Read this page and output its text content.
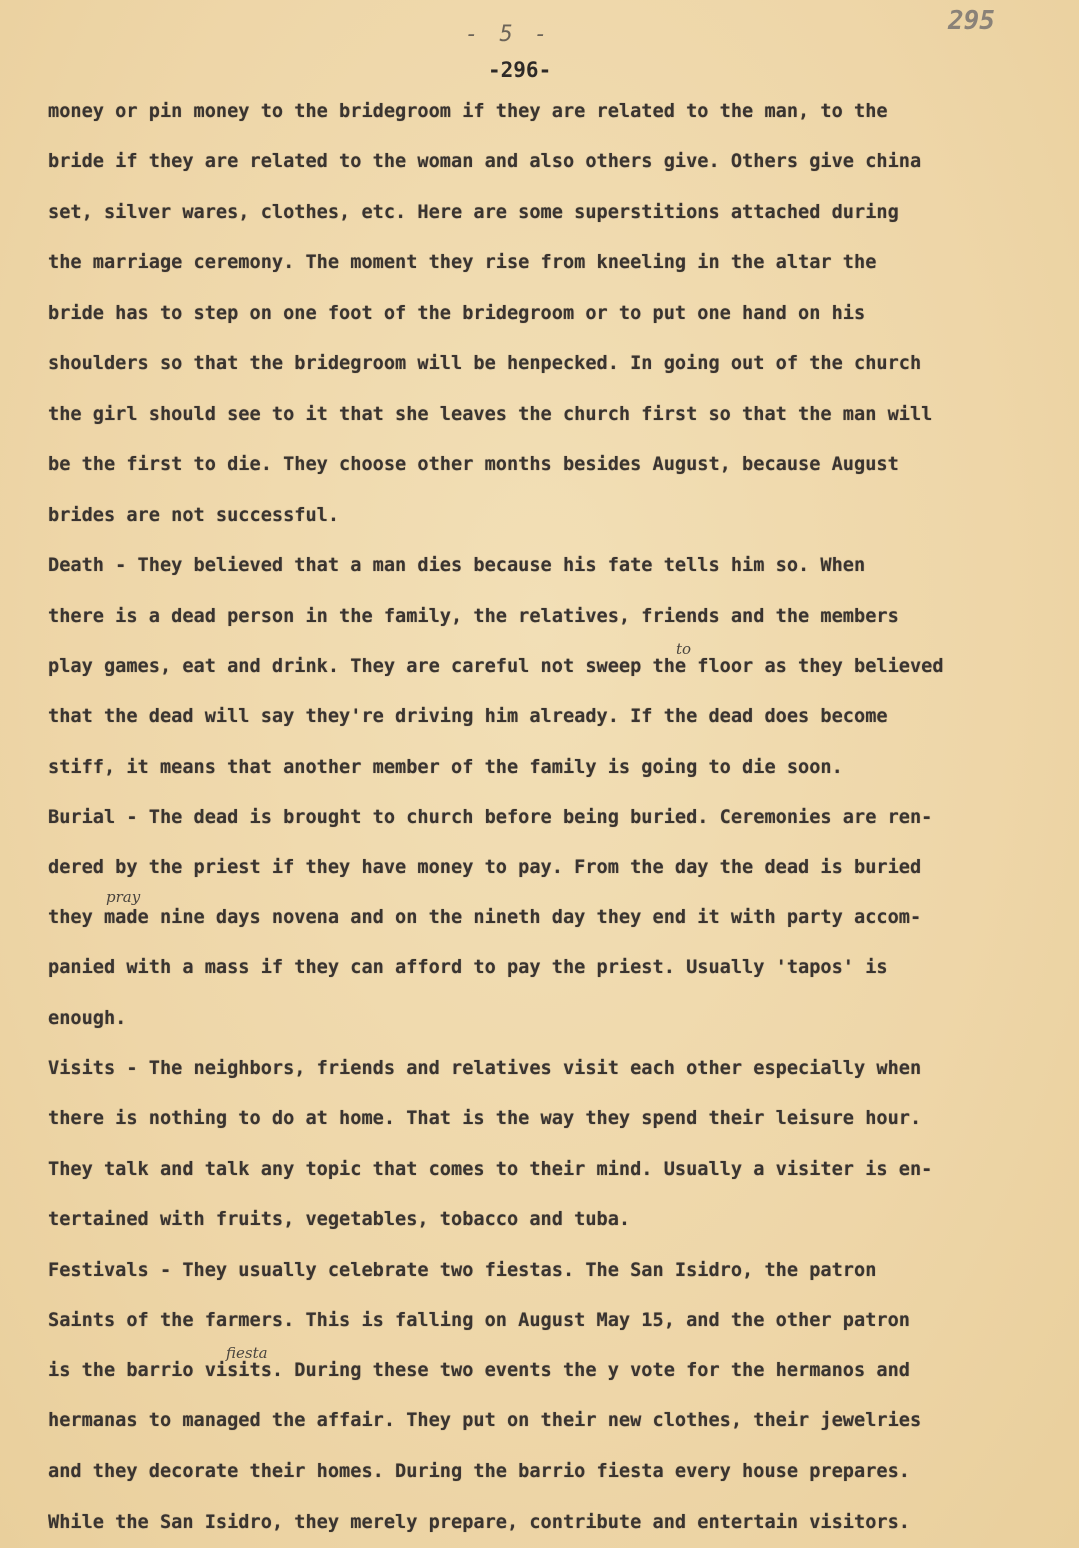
- 5 -	295
-296-
money or pin money to the bridegroom if they are related to the man, to the
bride if they are related to the woman and also others give. Others give china
set, silver wares, clothes, etc. Here are some superstitions attached during
the marriage ceremony. The moment they rise from kneeling in the altar the
bride has to step on one foot of the bridegroom or to put one hand on his
shoulders so that the bridegroom will be henpecked. In going out of the church
the girl should see to it that she leaves the church first so that the man will
be the first to die. They choose other months besides August, because August
brides are not successful.
Death - They believed that a man dies because his fate tells him so. When
there is a dead person in the family, the relatives, friends and the members
play games, eat and drink. They are careful not sweep the floor as they believed
that the dead will say they're driving him already. If the dead does become
stiff, it means that another member of the family is going to die soon.
Burial - The dead is brought to church before being buried. Ceremonies are ren-
dered by the priest if they have money to pay. From the day the dead is buried
they made nine days novena and on the nineth day they end it with party accom-
panied with a mass if they can afford to pay the priest. Usually 'tapos' is
enough.
Visits - The neighbors, friends and relatives visit each other especially when
there is nothing to do at home. That is the way they spend their leisure hour.
They talk and talk any topic that comes to their mind. Usually a visiter is en-
tertained with fruits, vegetables, tobacco and tuba.
Festivals - They usually celebrate two fiestas. The San Isidro, the patron
Saints of the farmers. This is falling on August May 15, and the other patron
is the barrio visits. During these two events the y vote for the hermanos and
hermanas to managed the affair. They put on their new clothes, their jewelries
and they decorate their homes. During the barrio fiesta every house prepares.
While the San Isidro, they merely prepare, contribute and entertain visitors.
to
pray
fiesta
